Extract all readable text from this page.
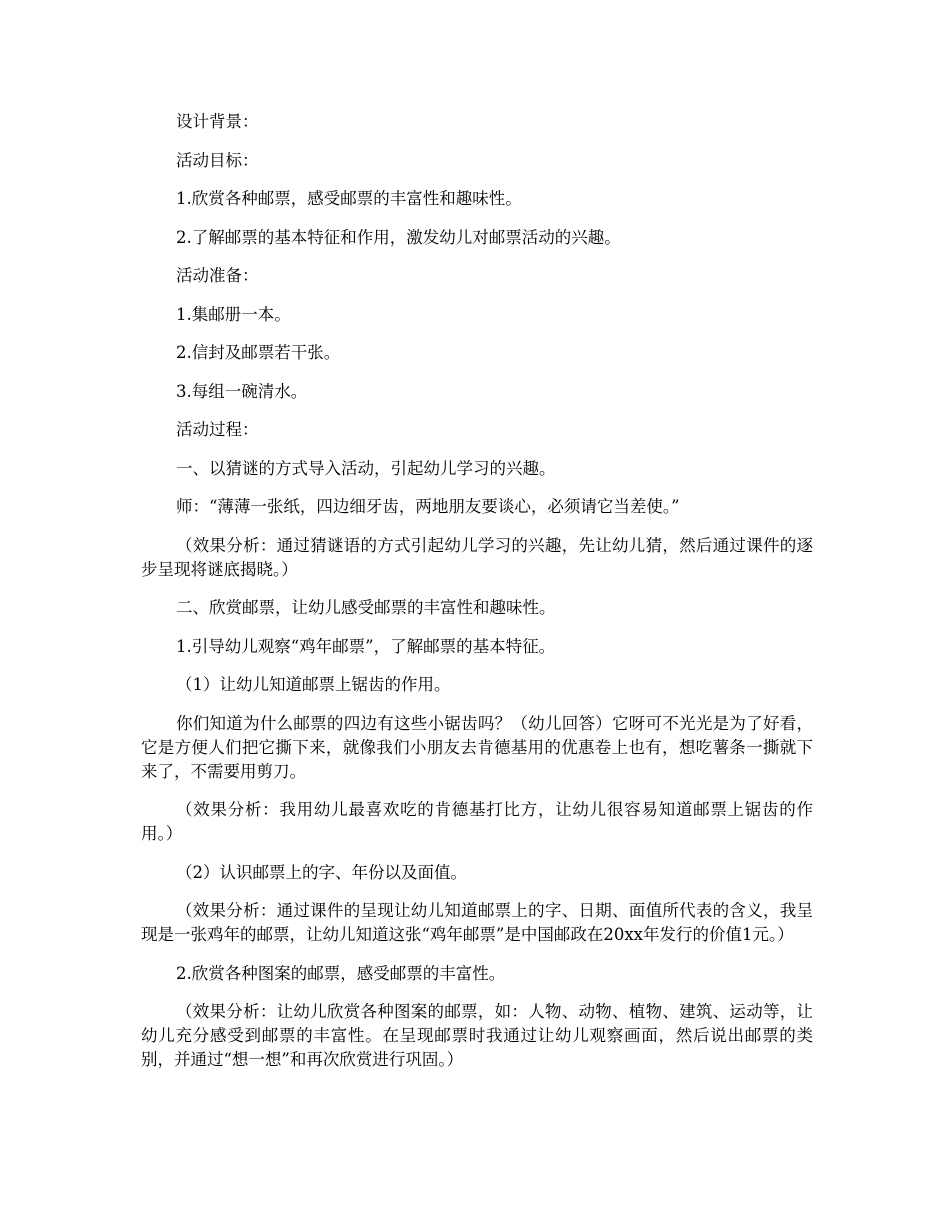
设计背景：

活动目标：

1.欣赏各种邮票，感受邮票的丰富性和趣味性。

2.了解邮票的基本特征和作用，激发幼儿对邮票活动的兴趣。

活动准备：

1.集邮册一本。

2.信封及邮票若干张。

3.每组一碗清水。

活动过程：

一、以猜谜的方式导入活动，引起幼儿学习的兴趣。

师：“薄薄一张纸，四边细牙齿，两地朋友要谈心，必须请它当差使。”

（效果分析：通过猜谜语的方式引起幼儿学习的兴趣，先让幼儿猜，然后通过课件的逐步呈现将谜底揭晓。）

二、欣赏邮票，让幼儿感受邮票的丰富性和趣味性。

1.引导幼儿观察“鸡年邮票”，了解邮票的基本特征。

（1）让幼儿知道邮票上锯齿的作用。

你们知道为什么邮票的四边有这些小锯齿吗？（幼儿回答）它呀可不光光是为了好看，它是方便人们把它撕下来，就像我们小朋友去肯德基用的优惠卷上也有，想吃薯条一撕就下来了，不需要用剪刀。

（效果分析：我用幼儿最喜欢吃的肯德基打比方，让幼儿很容易知道邮票上锯齿的作用。）

（2）认识邮票上的字、年份以及面值。

（效果分析：通过课件的呈现让幼儿知道邮票上的字、日期、面值所代表的含义，我呈现是一张鸡年的邮票，让幼儿知道这张“鸡年邮票”是中国邮政在20xx年发行的价值1元。）

2.欣赏各种图案的邮票，感受邮票的丰富性。

（效果分析：让幼儿欣赏各种图案的邮票，如：人物、动物、植物、建筑、运动等，让幼儿充分感受到邮票的丰富性。在呈现邮票时我通过让幼儿观察画面，然后说出邮票的类别，并通过“想一想”和再次欣赏进行巩固。）
